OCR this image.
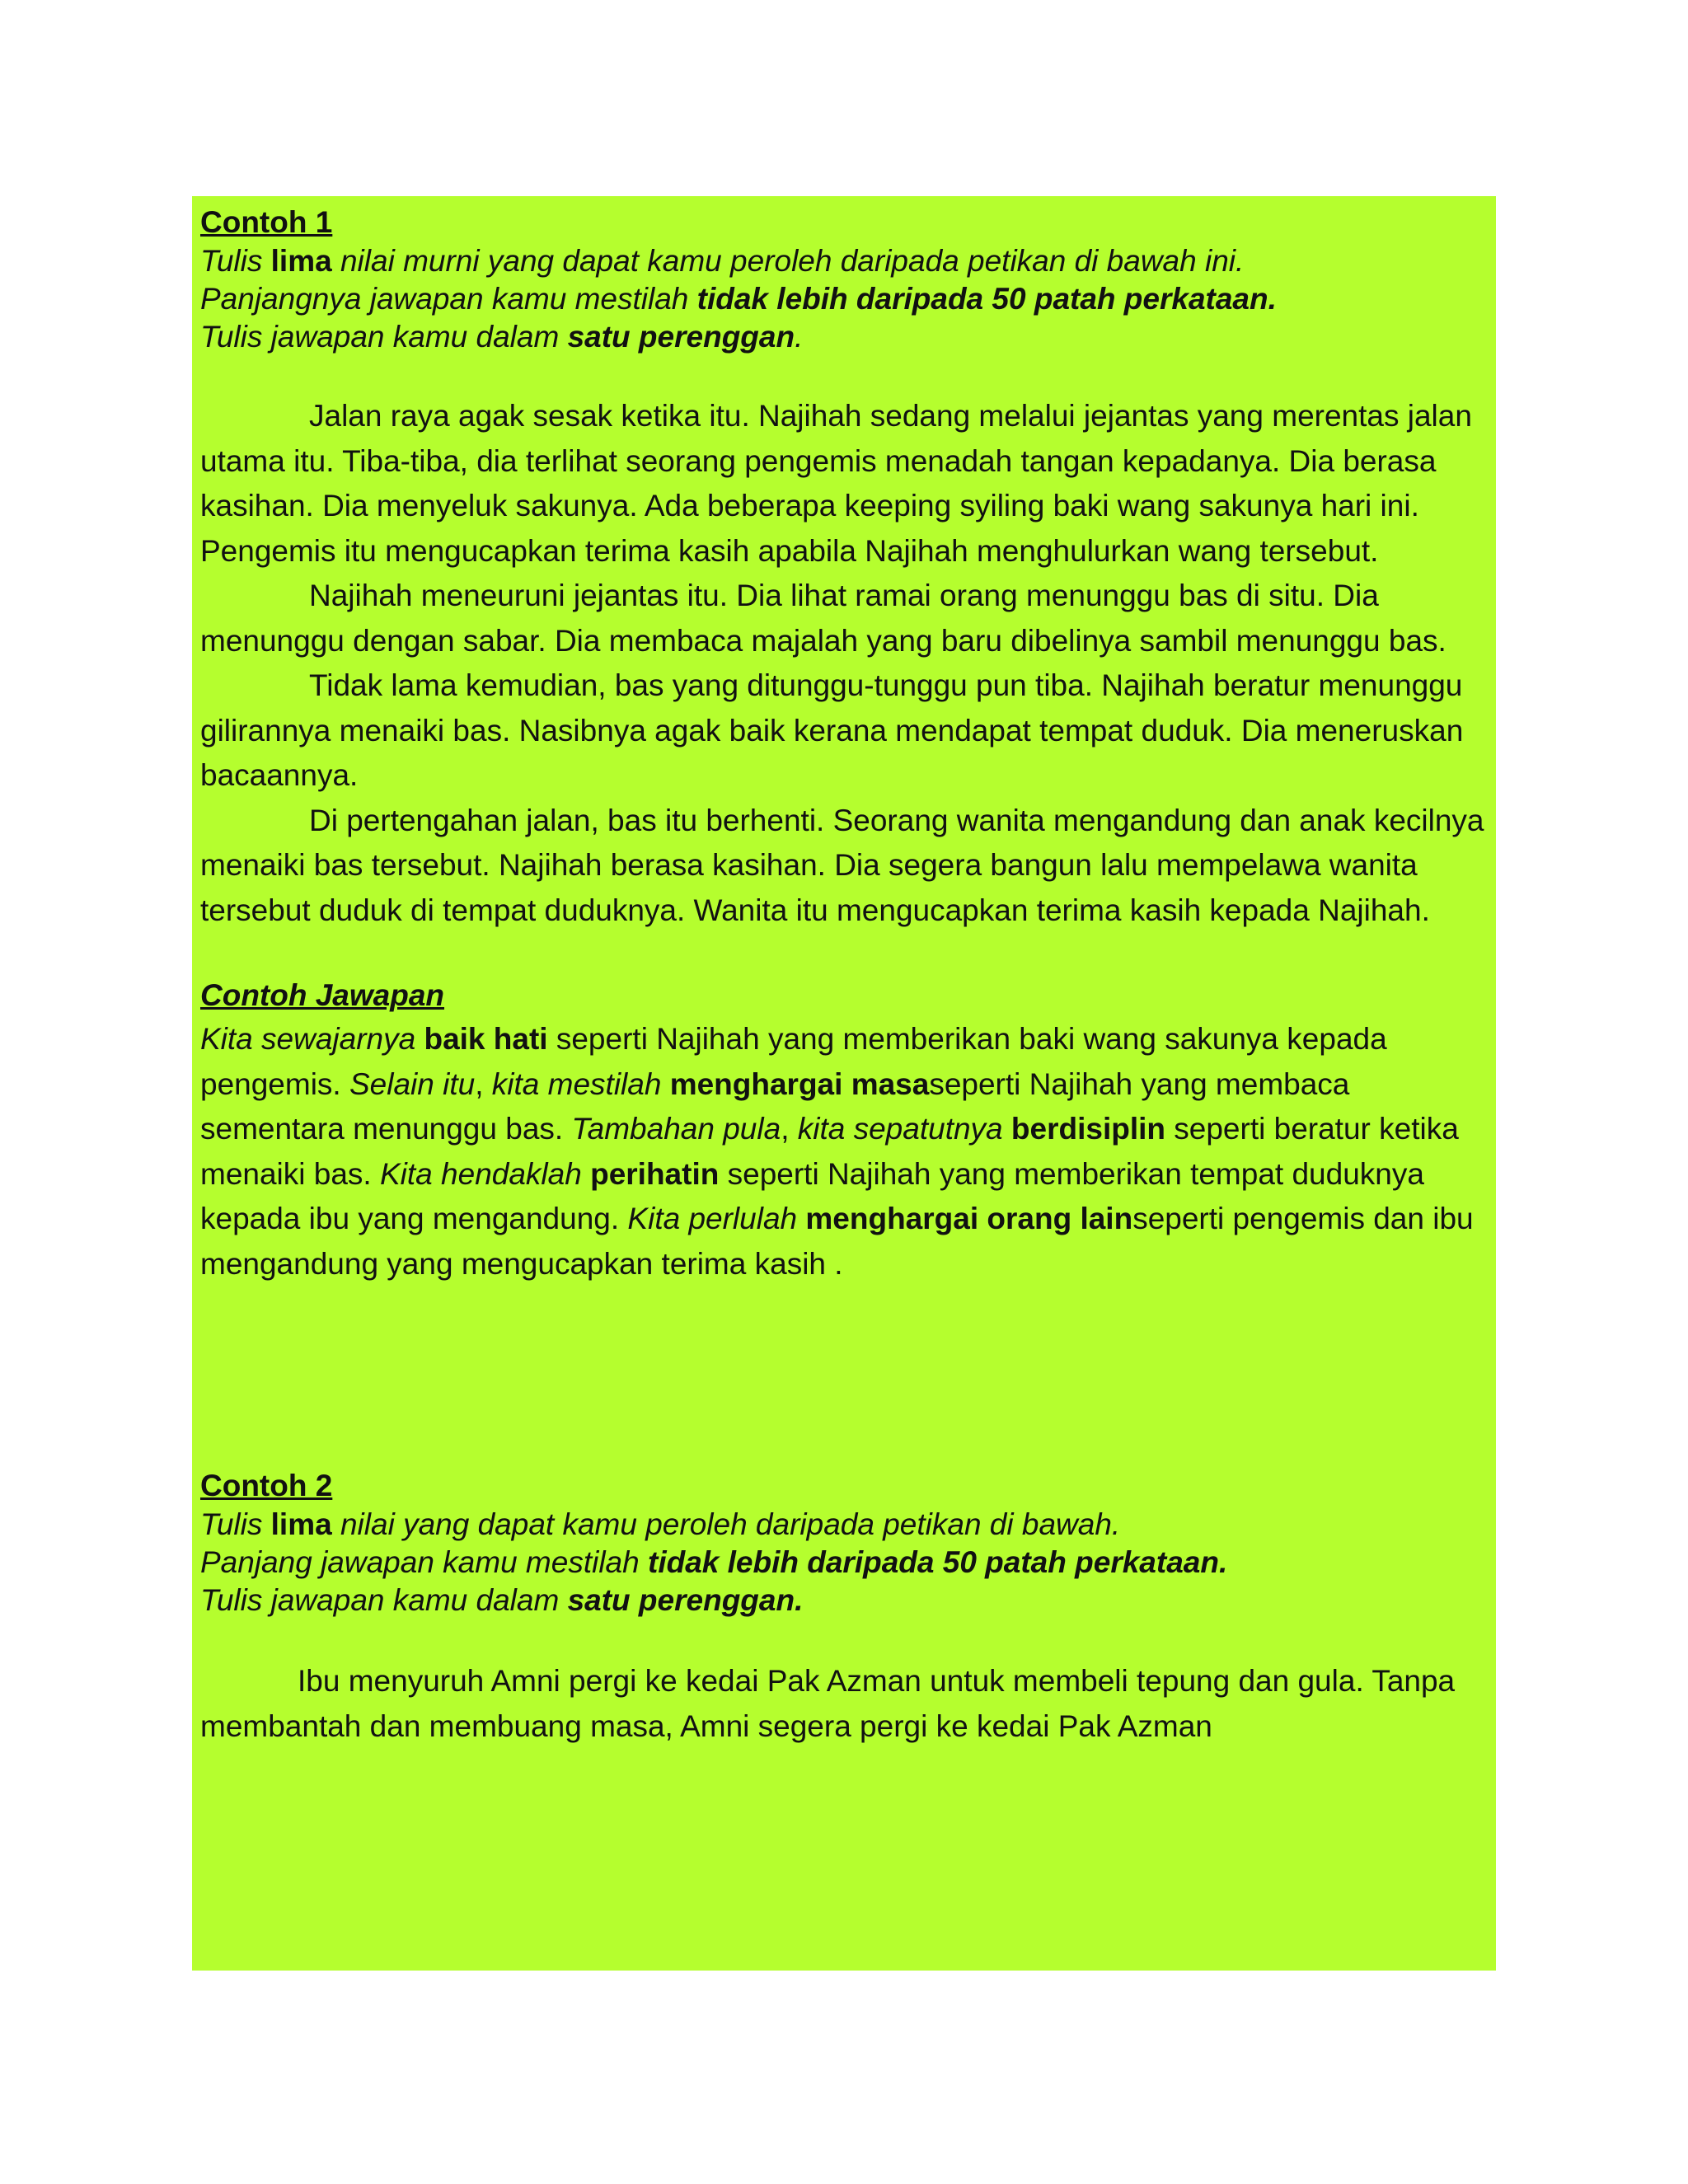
Contoh 1
Tulis lima nilai murni yang dapat kamu peroleh daripada petikan di bawah ini.
Panjangnya jawapan kamu mestilah tidak lebih daripada 50 patah perkataan.
Tulis jawapan kamu dalam satu perenggan.
Jalan raya agak sesak ketika itu. Najihah sedang melalui jejantas yang merentas jalan utama itu. Tiba-tiba, dia terlihat seorang pengemis menadah tangan kepadanya. Dia berasa kasihan. Dia menyeluk sakunya. Ada beberapa keeping syiling baki wang sakunya hari ini. Pengemis itu mengucapkan terima kasih apabila Najihah menghulurkan wang tersebut.
Najihah meneuruni jejantas itu. Dia lihat ramai orang menunggu bas di situ. Dia menunggu dengan sabar. Dia membaca majalah yang baru dibelinya sambil menunggu bas.
Tidak lama kemudian, bas yang ditunggu-tunggu pun tiba. Najihah beratur menunggu gilirannya menaiki bas. Nasibnya agak baik kerana mendapat tempat duduk. Dia meneruskan bacaannya.
Di pertengahan jalan, bas itu berhenti. Seorang wanita mengandung dan anak kecilnya menaiki bas tersebut. Najihah berasa kasihan. Dia segera bangun lalu mempelawa wanita tersebut duduk di tempat duduknya. Wanita itu mengucapkan terima kasih kepada Najihah.
Contoh Jawapan
Kita sewajarnya baik hati seperti Najihah yang memberikan baki wang sakunya kepada pengemis. Selain itu, kita mestilah menghargai masaseperti Najihah yang membaca sementara menunggu bas. Tambahan pula, kita sepatutnya berdisiplin seperti beratur ketika menaiki bas. Kita hendaklah perihatin seperti Najihah yang memberikan tempat duduknya kepada ibu yang mengandung. Kita perlulah menghargai orang lainseperti pengemis dan ibu mengandung yang mengucapkan terima kasih .
Contoh 2
Tulis lima nilai yang dapat kamu peroleh daripada petikan di bawah.
Panjang jawapan kamu mestilah tidak lebih daripada 50 patah perkataan.
Tulis jawapan kamu dalam satu perenggan.
Ibu menyuruh Amni pergi ke kedai Pak Azman untuk membeli tepung dan gula. Tanpa membantah dan membuang masa, Amni segera pergi ke kedai Pak Azman
